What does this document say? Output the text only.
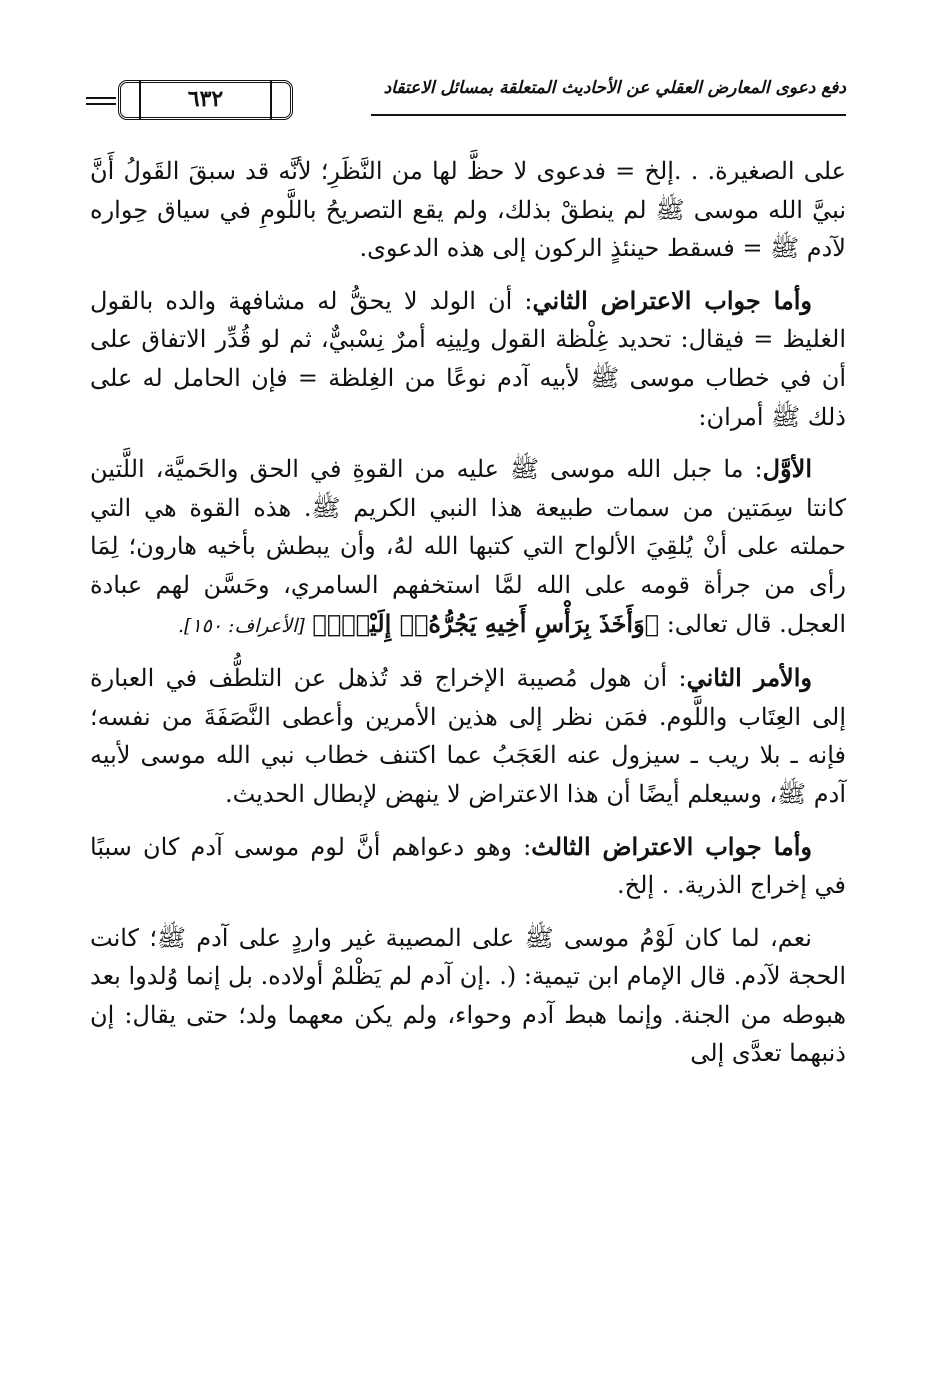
دفع دعوى المعارض العقلي عن الأحاديث المتعلقة بمسائل الاعتقاد
٦٣٢

على الصغيرة. . .إلخ = فدعوى لا حظَّ لها من النَّظَرِ؛ لأنَّه قد سبقَ القَولُ أَنَّ نبيَّ الله موسى ﷺ لم ينطقْ بذلك، ولم يقع التصريحُ باللَّومِ في سياق حِواره لآدم ﷺ = فسقط حينئذٍ الركون إلى هذه الدعوى.

وأما جواب الاعتراض الثاني: أن الولد لا يحقُّ له مشافهة والده بالقول الغليظ = فيقال: تحديد غِلْظة القول ولِينِه أمرٌ نِسْبيٌّ، ثم لو قُدِّر الاتفاق على أن في خطاب موسى ﷺ لأبيه آدم نوعًا من الغِلظة = فإن الحامل له على ذلك ﷺ أمران:

الأوَّل: ما جبل الله موسى ﷺ عليه من القوةِ في الحق والحَميَّة، اللَّتين كانتا سِمَتين من سمات طبيعة هذا النبي الكريم ﷺ. هذه القوة هي التي حملته على أنْ يُلقِيَ الألواح التي كتبها الله لهُ، وأن يبطش بأخيه هارون؛ لِمَا رأى من جرأة قومه على الله لمَّا استخفهم السامري، وحَسَّن لهم عبادة العجل. قال تعالى: ﴿وَأَخَذَ بِرَأْسِ أَخِيهِ يَجُرُّهُۥٓ إِلَيْهِۚ﴾ [الأعراف: ١٥٠].

والأمر الثاني: أن هول مُصيبة الإخراج قد تُذهل عن التلطُّف في العبارة إلى العِتَاب واللَّوم. فمَن نظر إلى هذين الأمرين وأعطى النَّصَفَةَ من نفسه؛ فإنه ـ بلا ريب ـ سيزول عنه العَجَبُ عما اكتنف خطاب نبي الله موسى لأبيه آدم ﷺ، وسيعلم أيضًا أن هذا الاعتراض لا ينهض لإبطال الحديث.

وأما جواب الاعتراض الثالث: وهو دعواهم أنَّ لوم موسى آدم كان سببًا في إخراج الذرية. . إلخ.

نعم، لما كان لَوْمُ موسى ﷺ على المصيبة غير واردٍ على آدم ﷺ؛ كانت الحجة لآدم. قال الإمام ابن تيمية: (. .إن آدم لم يَظْلمْ أولاده. بل إنما وُلدوا بعد هبوطه من الجنة. وإنما هبط آدم وحواء، ولم يكن معهما ولد؛ حتى يقال: إن ذنبهما تعدَّى إلى
